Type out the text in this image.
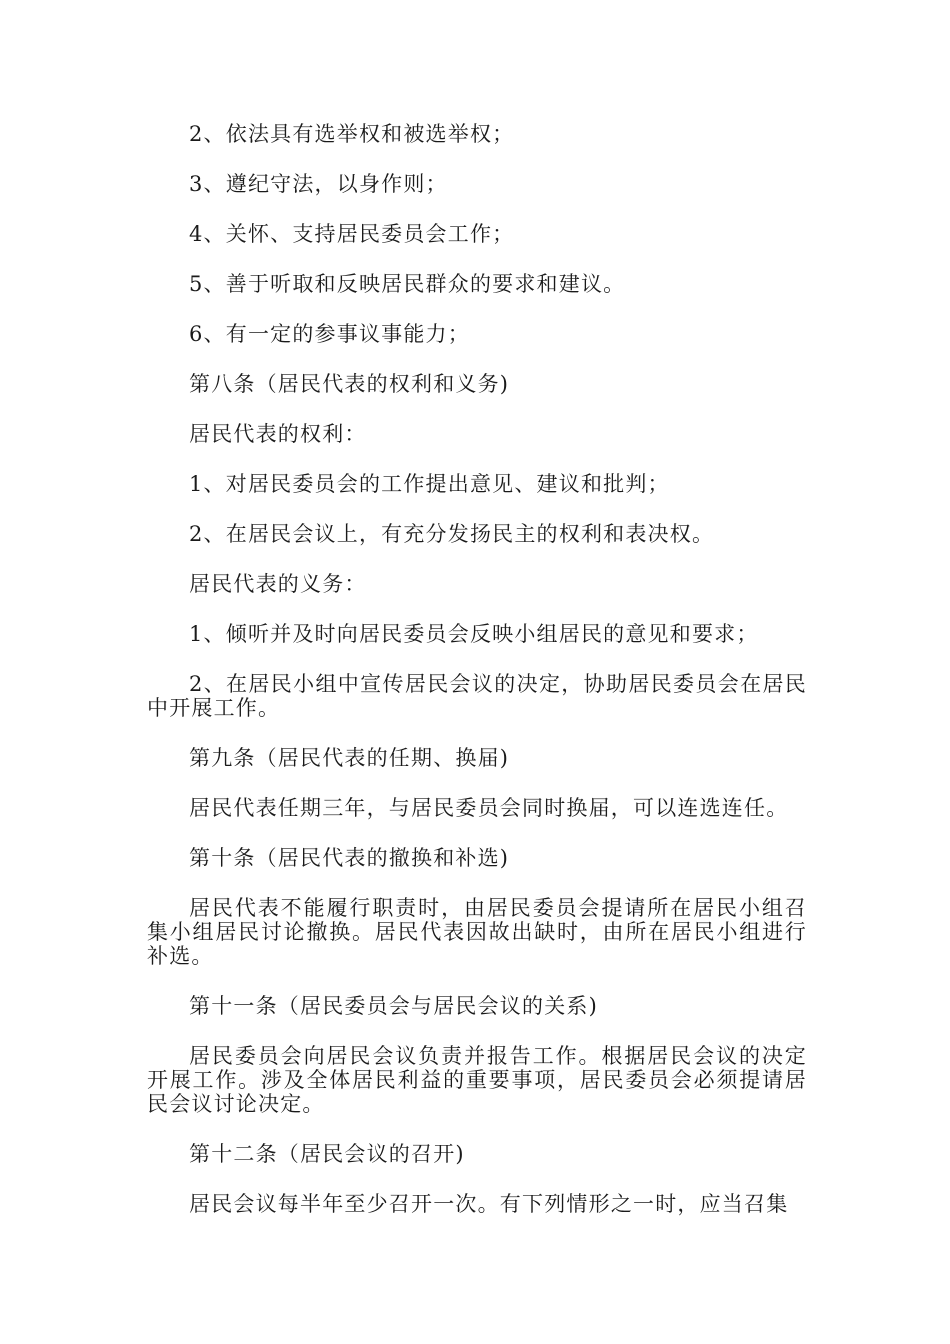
2、依法具有选举权和被选举权；

3、遵纪守法，以身作则；

4、关怀、支持居民委员会工作；

5、善于听取和反映居民群众的要求和建议。

6、有一定的参事议事能力；

第八条（居民代表的权利和义务)

居民代表的权利：

1、对居民委员会的工作提出意见、建议和批判；

2、在居民会议上，有充分发扬民主的权利和表决权。

居民代表的义务：

1、倾听并及时向居民委员会反映小组居民的意见和要求；

2、在居民小组中宣传居民会议的决定，协助居民委员会在居民中开展工作。

第九条（居民代表的任期、换届)

居民代表任期三年，与居民委员会同时换届，可以连选连任。

第十条（居民代表的撤换和补选)

居民代表不能履行职责时，由居民委员会提请所在居民小组召集小组居民讨论撤换。居民代表因故出缺时，由所在居民小组进行补选。

第十一条（居民委员会与居民会议的关系)

居民委员会向居民会议负责并报告工作。根据居民会议的决定开展工作。涉及全体居民利益的重要事项，居民委员会必须提请居民会议讨论决定。

第十二条（居民会议的召开)

居民会议每半年至少召开一次。有下列情形之一时，应当召集
